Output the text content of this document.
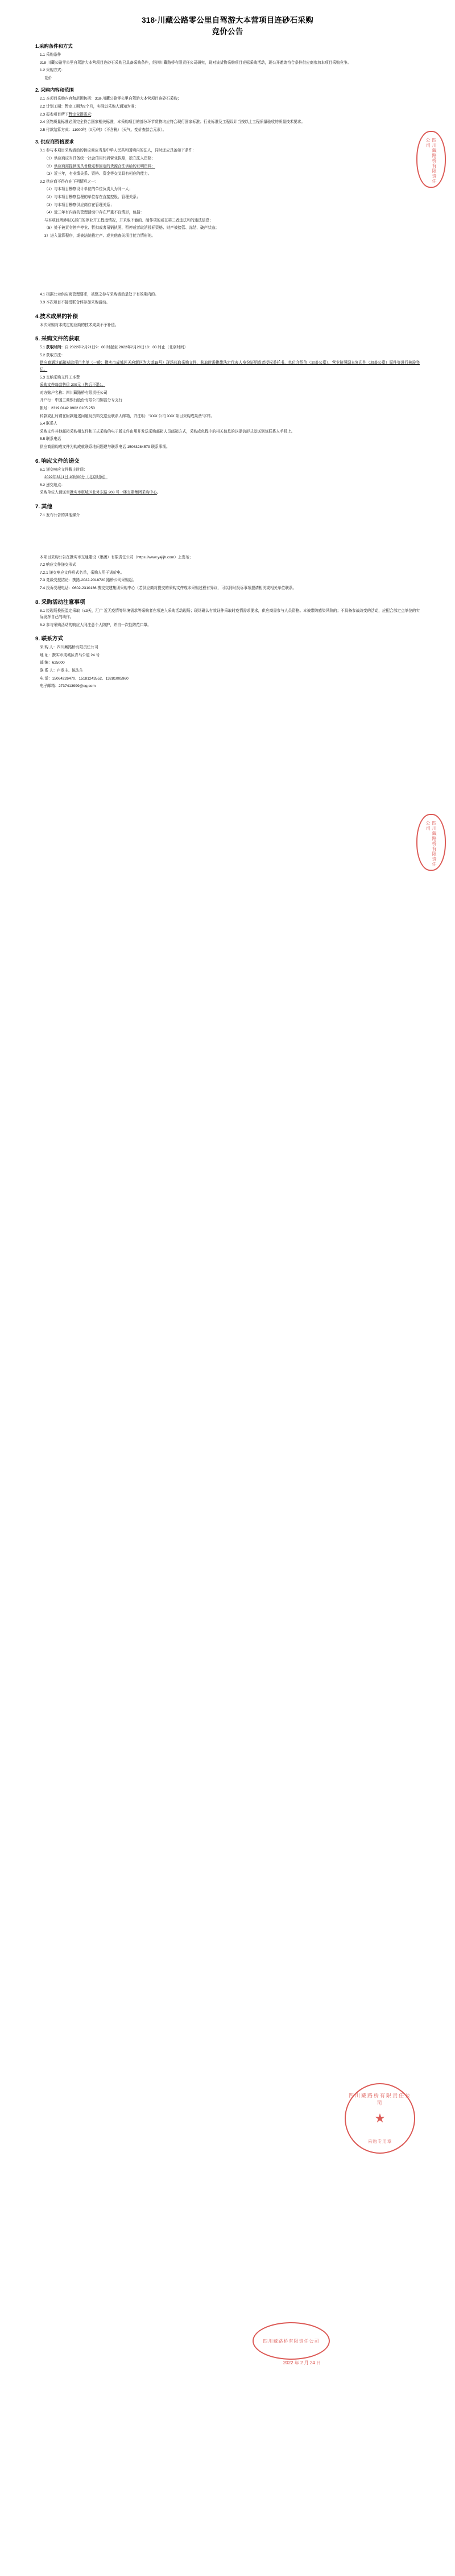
318·川藏公路零公里自驾游大本营项目连砂石采购
竞价公告
1.采购条件和方式

1.1 采购条件

318·川藏公路零公里自驾游大本营项目连砂石采购已具备采购条件，经四川藏路桥有限责任公司研究，现对该货物采购项目竞标采购活动，现公开邀请符合条件供应商参加本项目采购竞争。

1.2 采购方式：

竞价

2. 采购内容和范围

2.1 本项目采购内容和范围包括：318·川藏公路零公里自驾游大本营项目连砂石采购；

2.2 计划工期：暂定工期为2个月，实际以采购人通知为准；

2.3 报参项目所下暂定竞提需求：

2.4 货物质量标准必须完全符合国家相关标准，本采购项目的部分环节货物均应符合现行国家标准；行业标准及工程设计当按以上工程质量验收的质量技术要求。

2.5 付款结算方式：11000吨（0元/吨）（不含税）（天气、变价查款合元素）。

3. 供应商资格要求

3.1 参与本项目采购活动的供应商应当是中华人民共和国境内的法人，同时还应具备如下条件：

（1）供应商应当具备统一社会信用代码营业执照，独立法人资格；

（2）供应商需提供现具备稳定和固定的货源合法供给的证明资料；

（3）近三年，有业绩关系、资格、资金等交叉具有相应的能力。

3.2 供应商不得存在下列情形之一：

（1）与本项目勘察设计单位的单位负责人为同一人；

（2）与本项目勘察监理的单位存在直接控股、管理关系；

（3）与本项目勘察供应商存在管理关系；

（4）近三年有内容的管理活动中存在严重不良情形，包括：

与本项目所涉相关部门的停业开工程度情况，并采取不能的、制作项的或在第三者违法和的违法信息；

（5）处于被责令停产停业、暂扣或者吊销执照、暂停或者取消投标资格、财产被接管、冻结、破产状态；

3）进入清算程序，或被法院裁定产、或其他查关项目能力情形的。

4.1 根据公示供应商管理要求，被整之参与采购活动是处于有效期内的。

3.3 本次项目不接受联合体参加采购活动。

4.技术成果的补偿

本次采购对本成定的应商的技术成果不予补偿。

5. 采购文件的获取

5.1 获取时间：自 2022年2月21日9：00 时起至 2022年2月28日18：00 时止（北京时间）

5.2 获取方法：

供应商通过邮箱获取项目名单（一般：携实市成城区天府新区为大道18号）现场获取采购文件，获取时需携带法定代表人身份证明或者授权委托书，单位介绍信（加盖公章）、营业执照副本复印件（加盖公章）原件等进行核验登记。

5.3 交纳采购文件工本费

采购文件每套售价 200元（售后不退）。

对方账户名称：四川藏路桥有限责任公司

开户行：中国工商银行股份有限公司锦宫分专支行

帐号：2319 0142 0902 0105 250

转款或汇时请在附款附述问题及资料交送至联系人邮箱，并注明："XXX 公司 XXX 项目采购成果费"字样。

5.4 联系人

采购文件其他邮箱采购相支件和正式采购的电子版文件由用并发送采购邮箱人员邮箱方式，采购成化程中的相关信息的以提信形式发送到该联系人手机上。

5.5 联系电话

供应商需购成文件为购成就联系地问题建与联系电话 15063284579 联系事项。

6. 响应文件的递交

6.1 递交响应文件截止时间：

2022年3月1日 10时00分（北京时间）

6.2 递交地点：

采购单位人请送至携实市枢城区北外东路 208 号一楼交建集团采购中心。

7. 其他

7.1 发布公告的其他媒介

本项目采购公告在携实市交通建设（集团）有限责任公司（https://www.yajijh.com）上发布；

7.2 响应文件递交形式

7.2.1 递交响应文件形式名单，采购人用于诺价电。

7.3 竞级受授结论：携路·2022-2018720 路桥公司采购起。

7.4 投诉受理电话：0602-2310136 携交交建集团采购中心（若供应商对提交的采购文件成本采购过程有异议，可以同时投诉事项提请相关或相关单位联系。

8. 采购活动注意事项

8.1 经现场换报温定采取（≤3天，汇广 近无疫情等环境需求等采购者在项进入采购活动现场；现场确认有效证件采取时疫情需求要求，供应商需参与人员资格。本被带防感染风险的；不具备参战改变的活动，应配合部定点单位的实际发挥自己的动作。

8.2 参与采购活动的响应人同注意个人防护，并自一次性防范口罩。

9. 联系方式

采 购 人：四川藏路桥有限责任公司

地 址：携实市成城区青马公道 24 号

邮 编：625000

联 系 人：卢发主、陈先生

电 话：15064226470、15181243552、13281005960

电子邮箱：2737413999@qq.com

四川藏路桥有限责任公司
四川藏路桥有限责任公司
四川藏路桥有限责任公司
★
采购专用章
四川藏路桥有限责任公司
2022 年 2 月 24 日
